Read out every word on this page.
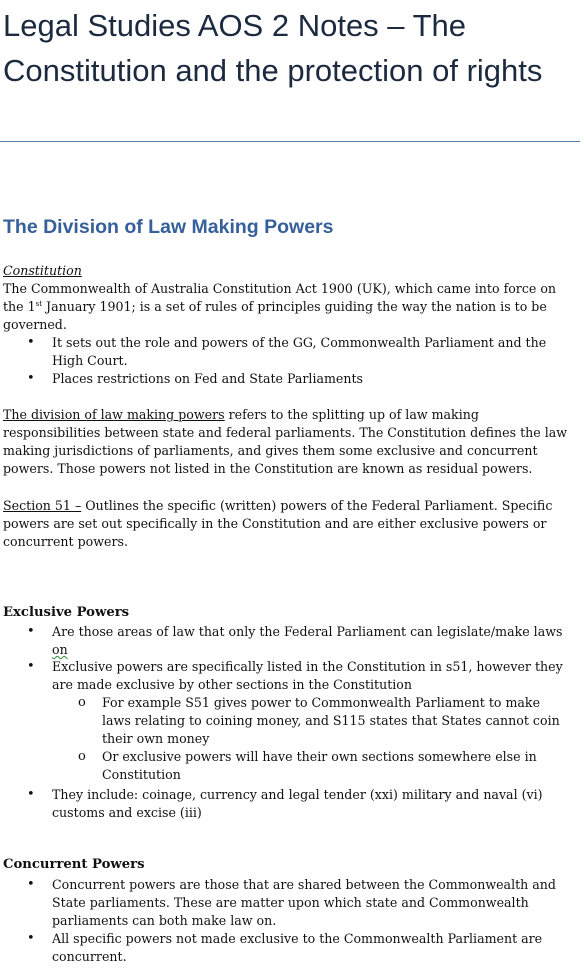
Legal Studies AOS 2 Notes – The Constitution and the protection of rights
The Division of Law Making Powers
Constitution
The Commonwealth of Australia Constitution Act 1900 (UK), which came into force on the 1st January 1901; is a set of rules of principles guiding the way the nation is to be governed.
• It sets out the role and powers of the GG, Commonwealth Parliament and the High Court.
• Places restrictions on Fed and State Parliaments
The division of law making powers refers to the splitting up of law making responsibilities between state and federal parliaments. The Constitution defines the law making jurisdictions of parliaments, and gives them some exclusive and concurrent powers. Those powers not listed in the Constitution are known as residual powers.
Section 51 – Outlines the specific (written) powers of the Federal Parliament. Specific powers are set out specifically in the Constitution and are either exclusive powers or concurrent powers.
Exclusive Powers
• Are those areas of law that only the Federal Parliament can legislate/make laws on
• Exclusive powers are specifically listed in the Constitution in s51, however they are made exclusive by other sections in the Constitution
o For example S51 gives power to Commonwealth Parliament to make laws relating to coining money, and S115 states that States cannot coin their own money
o Or exclusive powers will have their own sections somewhere else in Constitution
• They include: coinage, currency and legal tender (xxi) military and naval (vi) customs and excise (iii)
Concurrent Powers
• Concurrent powers are those that are shared between the Commonwealth and State parliaments. These are matter upon which state and Commonwealth parliaments can both make law on.
• All specific powers not made exclusive to the Commonwealth Parliament are concurrent.
